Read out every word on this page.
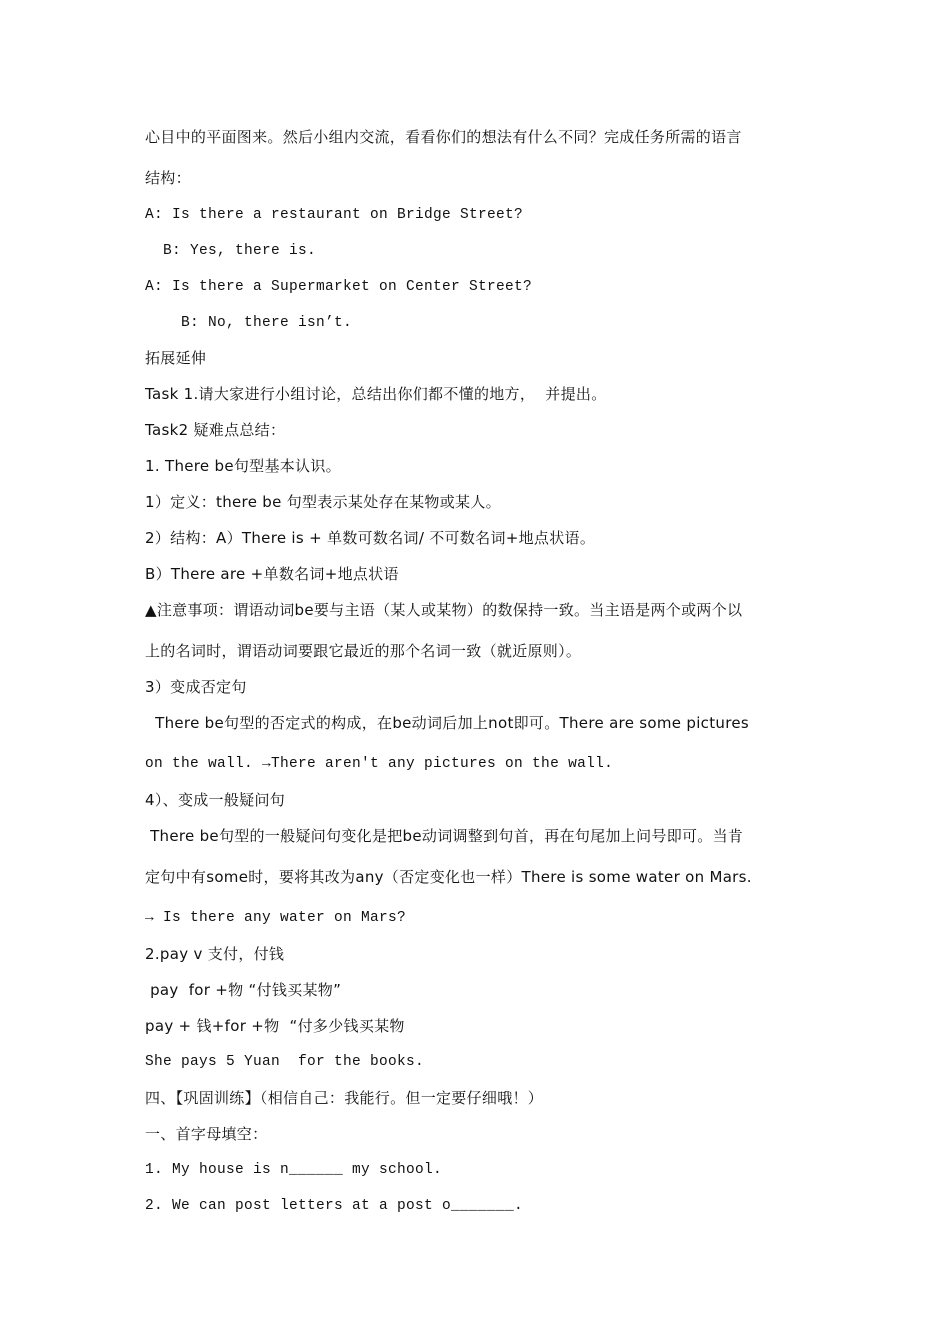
心目中的平面图来。然后小组内交流，看看你们的想法有什么不同？完成任务所需的语言
结构：
A: Is there a restaurant on Bridge Street?
B: Yes, there is.
A: Is there a Supermarket on Center Street?
B: No, there isn’t.
拓展延伸
Task 1.请大家进行小组讨论，总结出你们都不懂的地方，  并提出。
Task2 疑难点总结：
1. There be句型基本认识。
1）定义：there be 句型表示某处存在某物或某人。
2）结构：A）There is + 单数可数名词/ 不可数名词+地点状语。
B）There are +单数名词+地点状语
▲注意事项：谓语动词be要与主语（某人或某物）的数保持一致。当主语是两个或两个以
上的名词时，谓语动词要跟它最近的那个名词一致（就近原则）。
3）变成否定句
There be句型的否定式的构成，在be动词后加上not即可。There are some pictures
on the wall. →There aren't any pictures on the wall.
4）、变成一般疑问句
There be句型的一般疑问句变化是把be动词调整到句首，再在句尾加上问号即可。当肯
定句中有some时，要将其改为any（否定变化也一样）There is some water on Mars.
→ Is there any water on Mars?
2.pay v 支付，付钱
pay  for +物 “付钱买某物”
pay + 钱+for +物  “付多少钱买某物
She pays 5 Yuan  for the books.
四、【巩固训练】（相信自己：我能行。但一定要仔细哦！）
一、首字母填空：
1. My house is n______ my school.
2. We can post letters at a post o_______.
